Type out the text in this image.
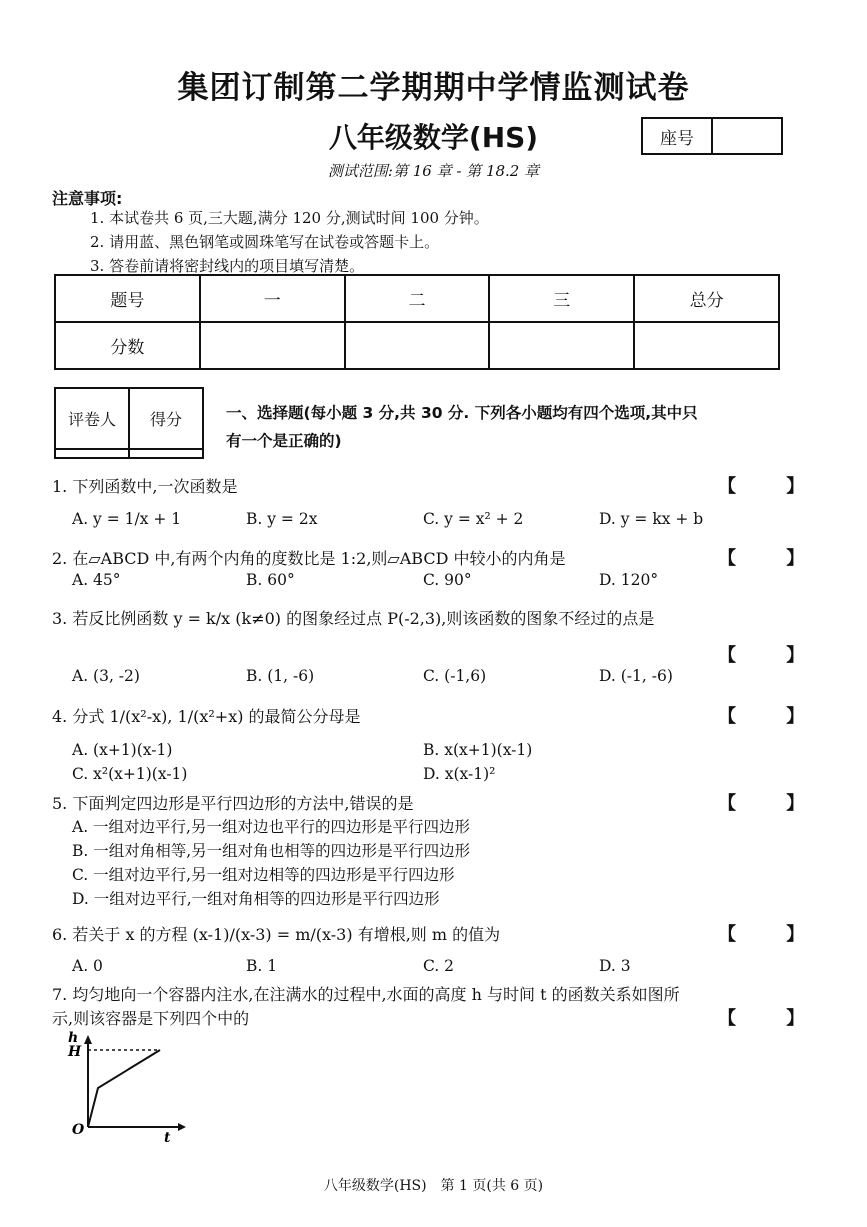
集团订制第二学期期中学情监测试卷
八年级数学(HS)	座号
测试范围:第 16 章 - 第 18.2 章
注意事项:
1. 本试卷共 6 页,三大题,满分 120 分,测试时间 100 分钟。
2. 请用蓝、黑色钢笔或圆珠笔写在试卷或答题卡上。
3. 答卷前请将密封线内的项目填写清楚。
题号	一	二	三	总分
分数				
评卷人	得分
		一、选择题(每小题 3 分,共 30 分. 下列各小题均有四个选项,其中只
有一个是正确的)
1. 下列函数中,一次函数是	【 】
A. y = 1/x + 1	B. y = 2x	C. y = x² + 2	D. y = kx + b
2. 在▱ABCD 中,有两个内角的度数比是 1:2,则▱ABCD 中较小的内角是	【 】
A. 45°	B. 60°	C. 90°	D. 120°
3. 若反比例函数 y = k/x (k≠0) 的图象经过点 P(-2,3),则该函数的图象不经过的点是
【 】
A. (3, -2)	B. (1, -6)	C. (-1,6)	D. (-1, -6)
4. 分式 1/(x²-x), 1/(x²+x) 的最简公分母是	【 】
A. (x+1)(x-1)	B. x(x+1)(x-1)
C. x²(x+1)(x-1)	D. x(x-1)²
5. 下面判定四边形是平行四边形的方法中,错误的是	【 】
A. 一组对边平行,另一组对边也平行的四边形是平行四边形
B. 一组对角相等,另一组对角也相等的四边形是平行四边形
C. 一组对边平行,另一组对边相等的四边形是平行四边形
D. 一组对边平行,一组对角相等的四边形是平行四边形
6. 若关于 x 的方程 (x-1)/(x-3) = m/(x-3) 有增根,则 m 的值为	【 】
A. 0	B. 1	C. 2	D. 3
7. 均匀地向一个容器内注水,在注满水的过程中,水面的高度 h 与时间 t 的函数关系如图所
示,则该容器是下列四个中的	【 】
h
H
O	t
八年级数学(HS)　第 1 页(共 6 页)
